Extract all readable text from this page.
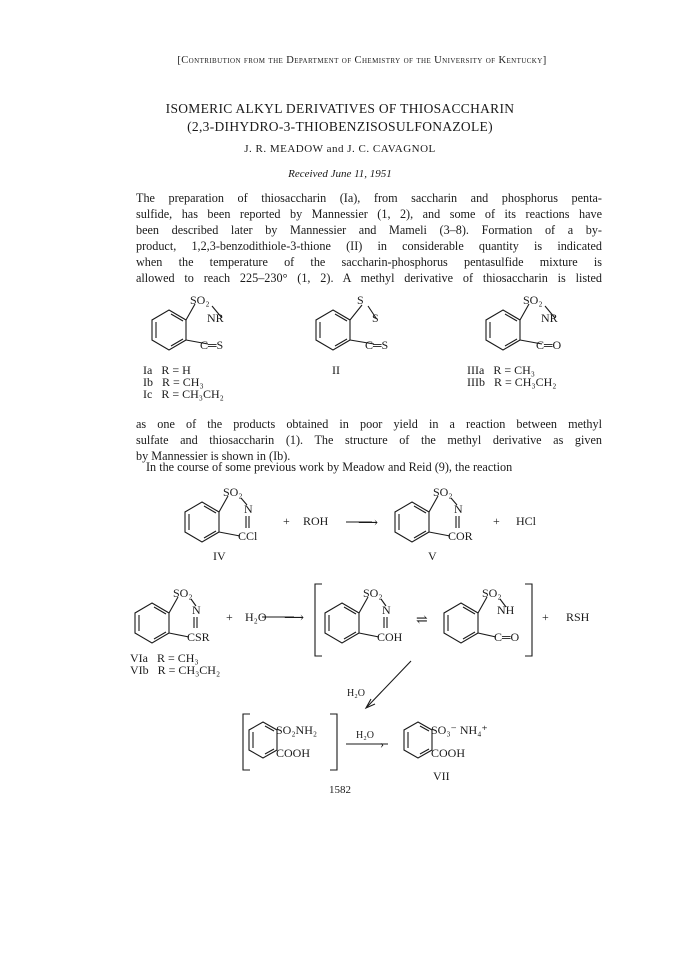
[Contribution from the Department of Chemistry of the University of Kentucky]
ISOMERIC ALKYL DERIVATIVES OF THIOSACCHARIN
(2,3-DIHYDRO-3-THIOBENZISOSULFONAZOLE)
J. R. MEADOW and J. C. CAVAGNOL
Received June 11, 1951
The preparation of thiosaccharin (Ia), from saccharin and phosphorus penta-
sulfide, has been reported by Mannessier (1, 2), and some of its reactions have
been described later by Mannessier and Mameli (3–8). Formation of a by-
product, 1,2,3-benzodithiole-3-thione (II) in considerable quantity is indicated
when the temperature of the saccharin-phosphorus pentasulfide mixture is
allowed to reach 225–230° (1, 2). A methyl derivative of thiosaccharin is listed
as one of the products obtained in poor yield in a reaction between methyl
sulfate and thiosaccharin (1). The structure of the methyl derivative as given
by Mannessier is shown in (Ib).
In the course of some previous work by Meadow and Reid (9), the reaction
SO₂
NR
C═S
S
S
C═S
SO₂
NR
C═O
Ia   R = H
Ib   R = CH₃
Ic   R = CH₃CH₂
II	IIIa   R = CH₃
IIIb   R = CH₃CH₂
SO₂
N
CCl
IV
+ ROH ⟶
SO₂
N
COR
V
+ HCl
SO₂
N
CSR
VIa   R = CH₃
VIb   R = CH₃CH₂
+ H₂O ⟶
SO₂
N
COH
⇌
SO₂
NH
C═O
+ RSH
H₂O
SO₂NH₂
COOH
H₂O
›
SO₃⁻ NH₄⁺
COOH
VII
1582
